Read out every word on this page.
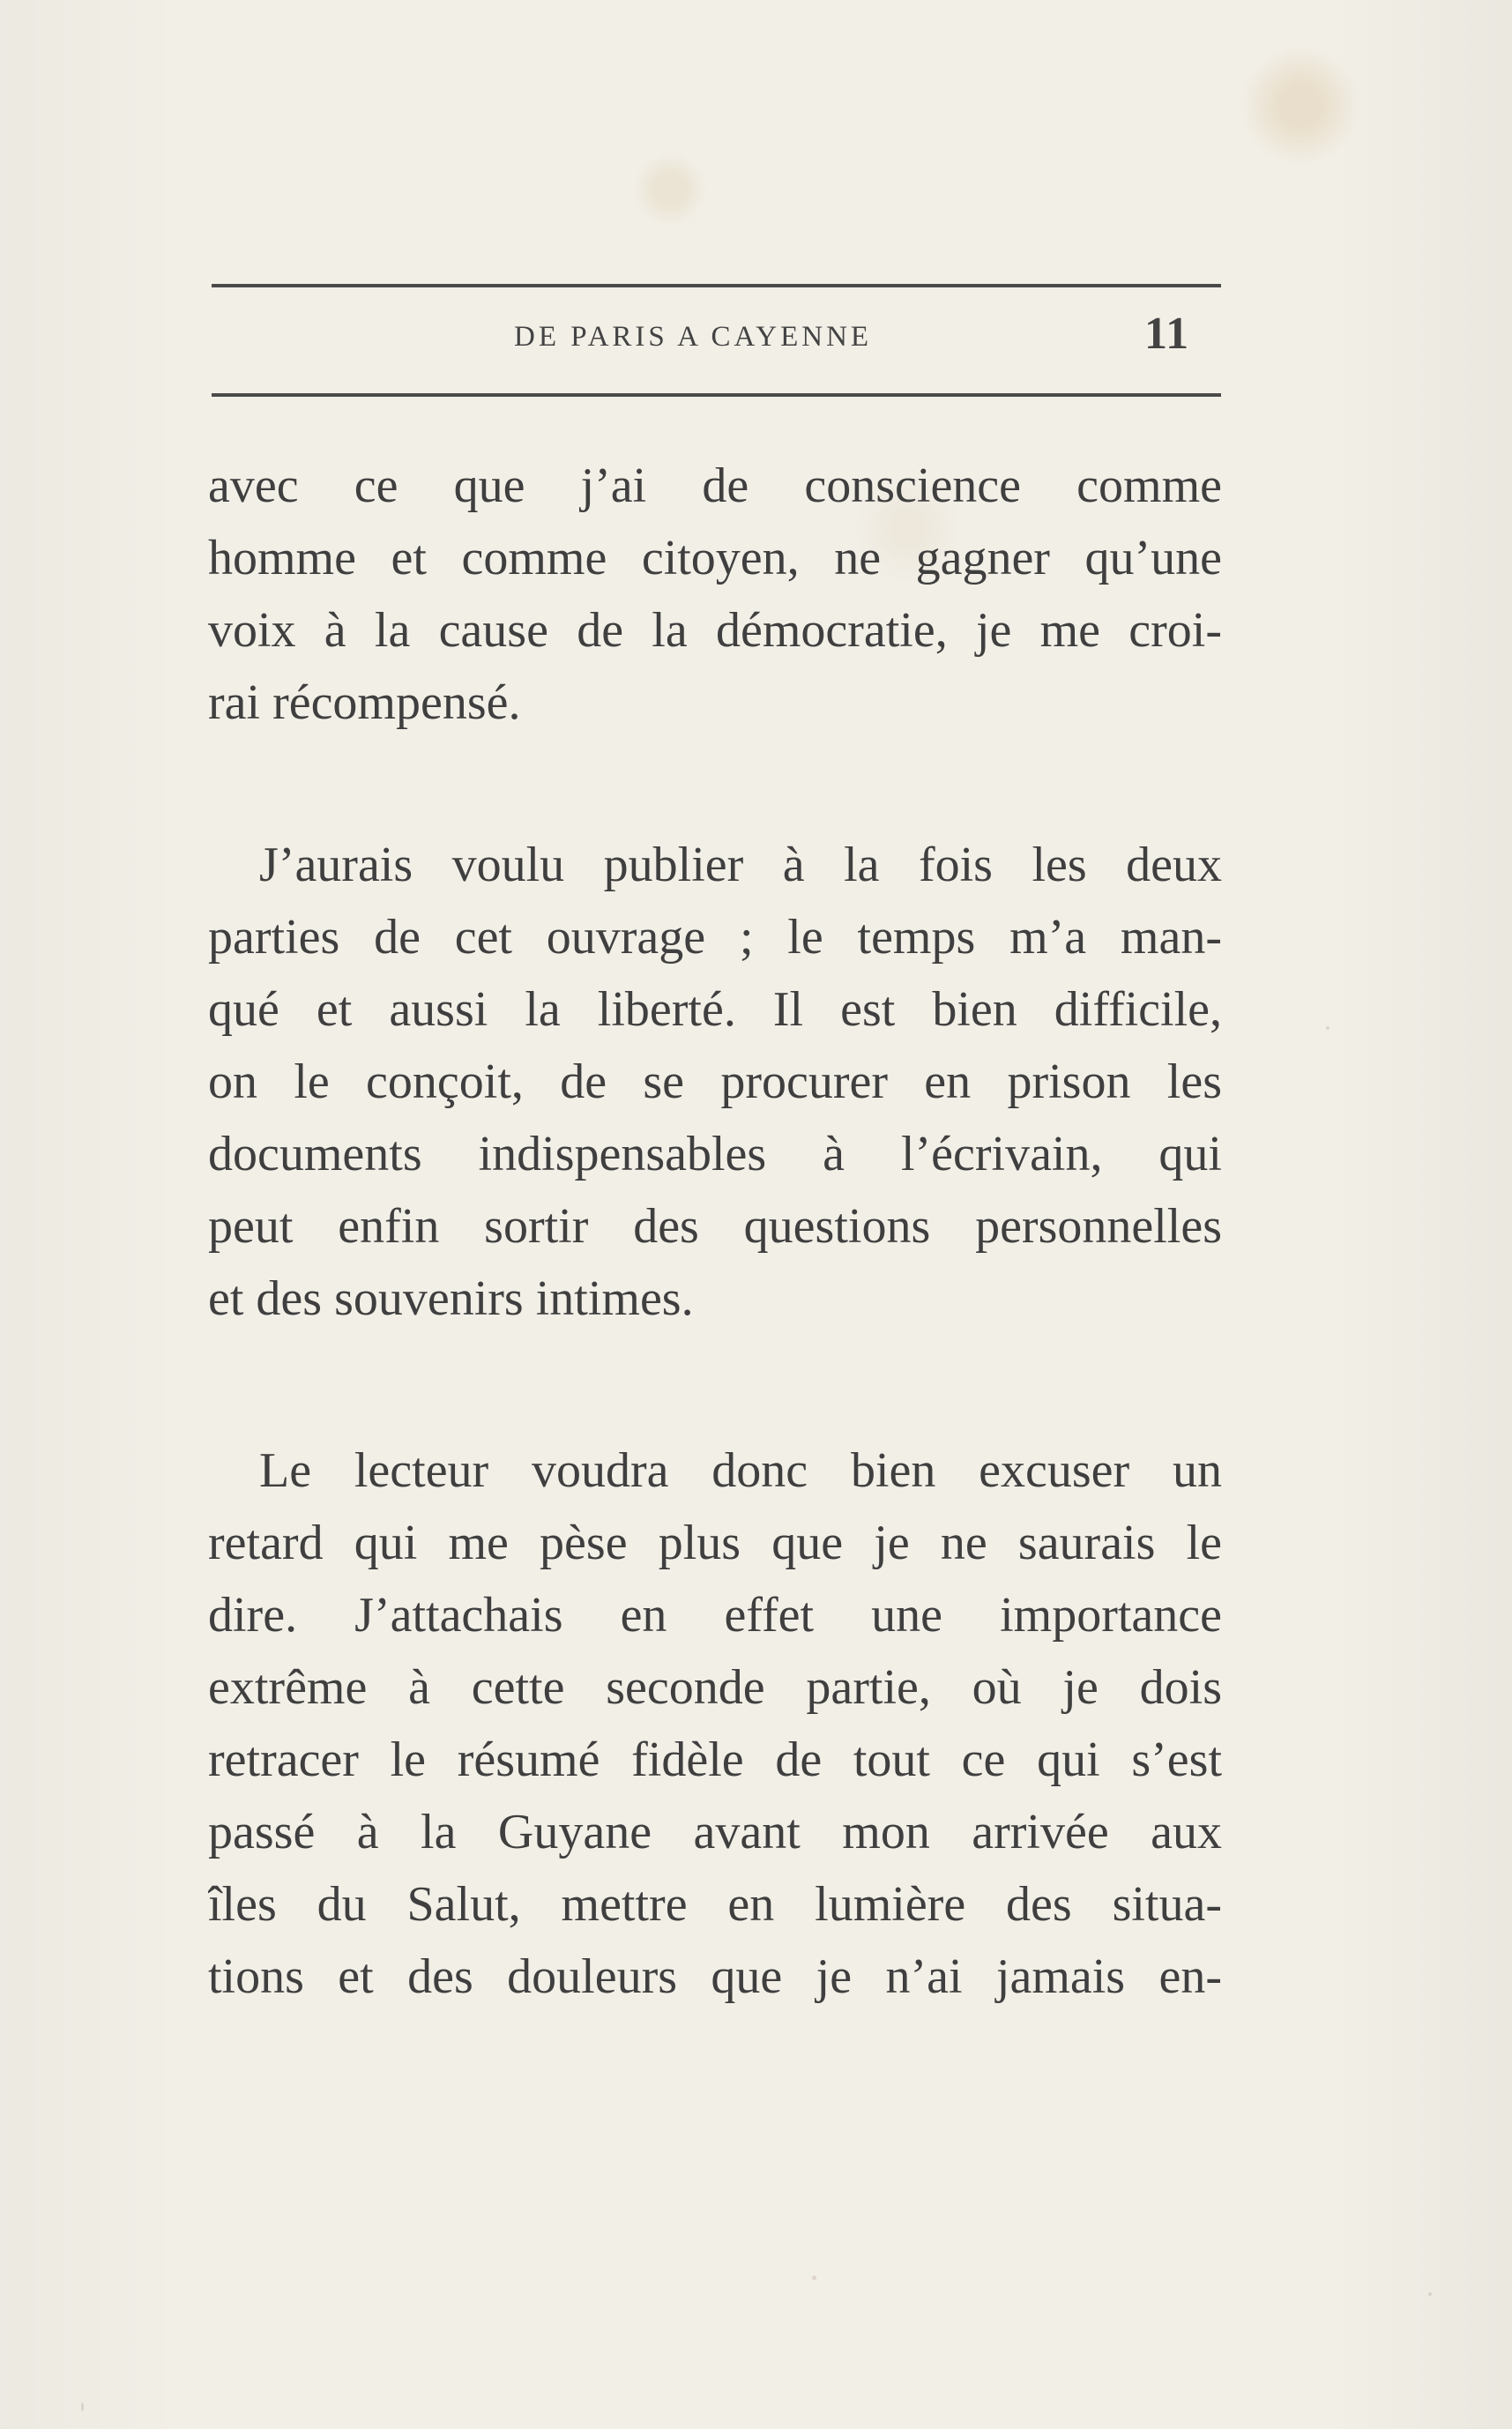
DE PARIS A CAYENNE	11
avec ce que j’ai de conscience comme
homme et comme citoyen, ne gagner qu’une
voix à la cause de la démocratie, je me croi-
rai récompensé.
J’aurais voulu publier à la fois les deux
parties de cet ouvrage ; le temps m’a man-
qué et aussi la liberté. Il est bien difficile,
on le conçoit, de se procurer en prison les
documents indispensables à l’écrivain, qui
peut enfin sortir des questions personnelles
et des souvenirs intimes.
Le lecteur voudra donc bien excuser un
retard qui me pèse plus que je ne saurais le
dire. J’attachais en effet une importance
extrême à cette seconde partie, où je dois
retracer le résumé fidèle de tout ce qui s’est
passé à la Guyane avant mon arrivée aux
îles du Salut, mettre en lumière des situa-
tions et des douleurs que je n’ai jamais en-
